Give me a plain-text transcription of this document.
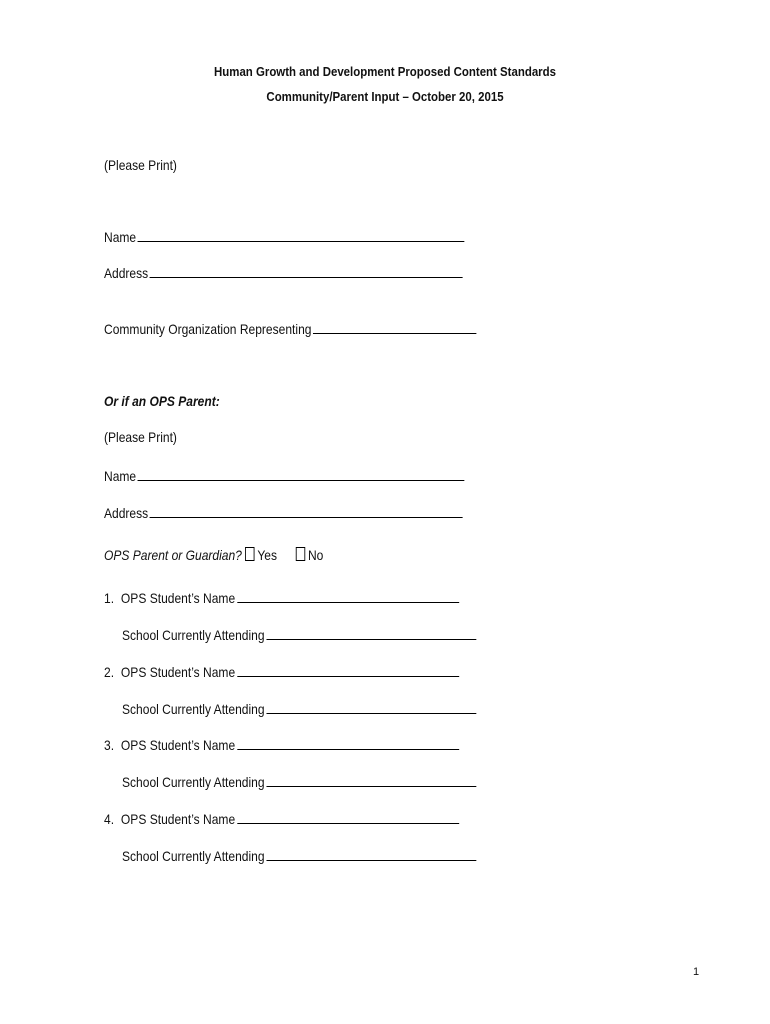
Human Growth and Development Proposed Content Standards
Community/Parent Input – October 20, 2015
(Please Print)
Name
Address
Community Organization Representing
Or if an OPS Parent:
(Please Print)
Name
Address
OPS Parent or Guardian? Yes No
1. OPS Student’s Name
School Currently Attending
2. OPS Student’s Name
School Currently Attending
3. OPS Student’s Name
School Currently Attending
4. OPS Student’s Name
School Currently Attending
1
